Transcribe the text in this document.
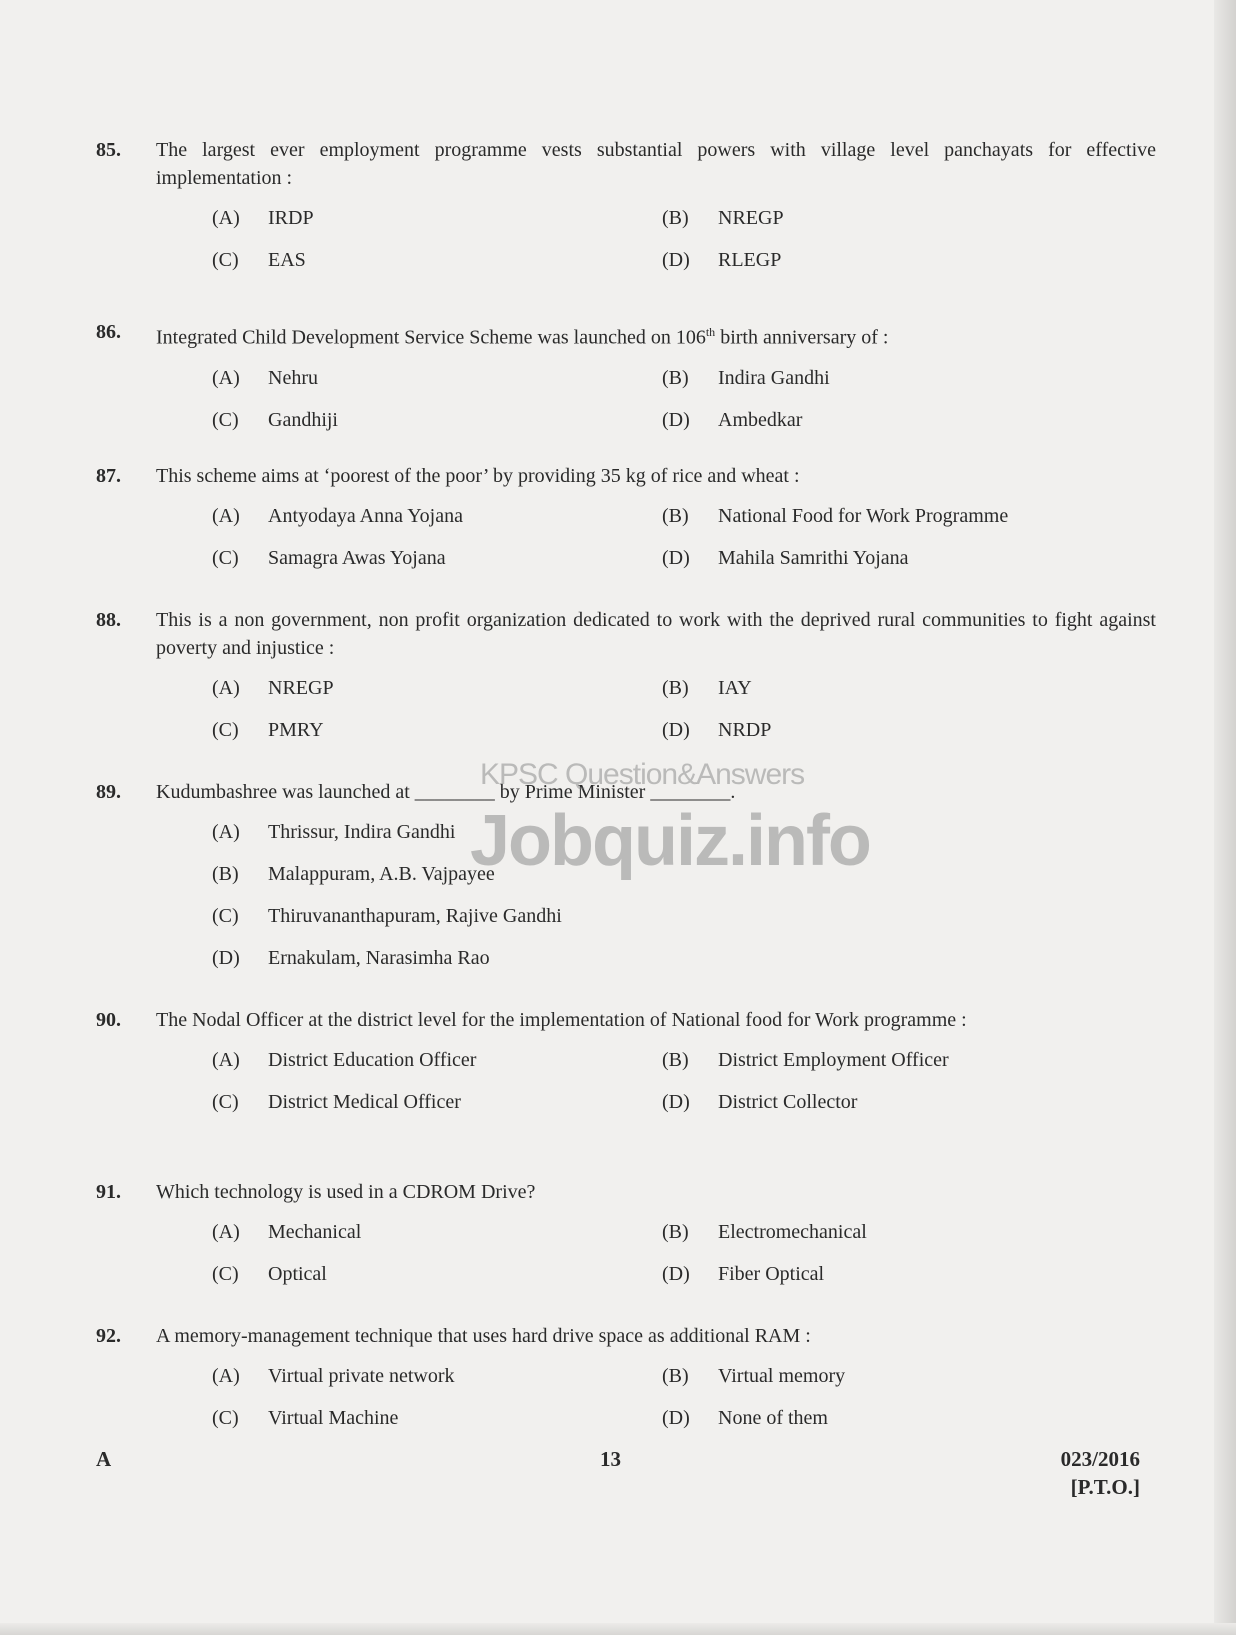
85.	The largest ever employment programme vests substantial powers with village level panchayats for effective implementation :
(A) IRDP	(B) NREGP
(C) EAS	(D) RLEGP
86.	Integrated Child Development Service Scheme was launched on 106th birth anniversary of :
(A) Nehru	(B) Indira Gandhi
(C) Gandhiji	(D) Ambedkar
87.	This scheme aims at ‘poorest of the poor’ by providing 35 kg of rice and wheat :
(A) Antyodaya Anna Yojana	(B) National Food for Work Programme
(C) Samagra Awas Yojana	(D) Mahila Samrithi Yojana
88.	This is a non government, non profit organization dedicated to work with the deprived rural communities to fight against poverty and injustice :
(A) NREGP	(B) IAY
(C) PMRY	(D) NRDP
89.	Kudumbashree was launched at ________ by Prime Minister ________.
(A) Thrissur, Indira Gandhi
(B) Malappuram, A.B. Vajpayee
(C) Thiruvananthapuram, Rajive Gandhi
(D) Ernakulam, Narasimha Rao
90.	The Nodal Officer at the district level for the implementation of National food for Work programme :
(A) District Education Officer	(B) District Employment Officer
(C) District Medical Officer	(D) District Collector
91.	Which technology is used in a CDROM Drive?
(A) Mechanical	(B) Electromechanical
(C) Optical	(D) Fiber Optical
92.	A memory-management technique that uses hard drive space as additional RAM :
(A) Virtual private network	(B) Virtual memory
(C) Virtual Machine	(D) None of them
KPSC Question&Answers
Jobquiz.info
A	13	023/2016
[P.T.O.]
